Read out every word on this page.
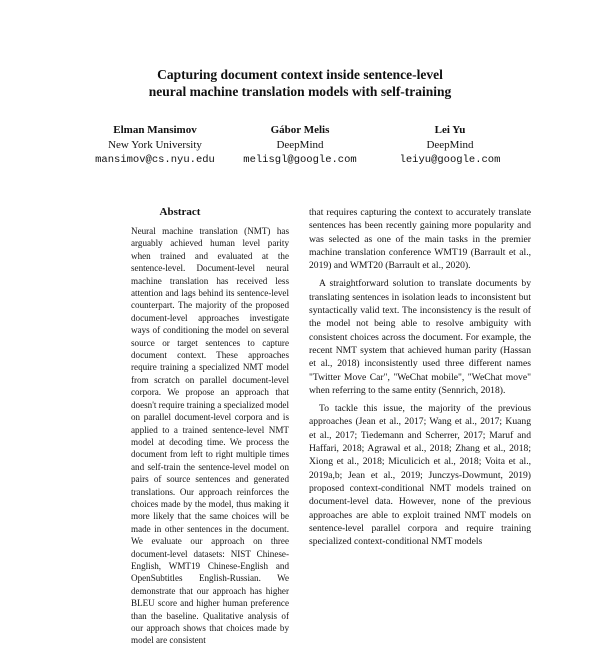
Capturing document context inside sentence-level
neural machine translation models with self-training
Elman Mansimov
New York University
mansimov@cs.nyu.edu
Gábor Melis
DeepMind
melisgl@google.com
Lei Yu
DeepMind
leiyu@google.com
Abstract
Neural machine translation (NMT) has arguably achieved human level parity when trained and evaluated at the sentence-level. Document-level neural machine translation has received less attention and lags behind its sentence-level counterpart. The majority of the proposed document-level approaches investigate ways of conditioning the model on several source or target sentences to capture document context. These approaches require training a specialized NMT model from scratch on parallel document-level corpora. We propose an approach that doesn't require training a specialized model on parallel document-level corpora and is applied to a trained sentence-level NMT model at decoding time. We process the document from left to right multiple times and self-train the sentence-level model on pairs of source sentences and generated translations. Our approach reinforces the choices made by the model, thus making it more likely that the same choices will be made in other sentences in the document. We evaluate our approach on three document-level datasets: NIST Chinese-English, WMT19 Chinese-English and OpenSubtitles English-Russian. We demonstrate that our approach has higher BLEU score and higher human preference than the baseline. Qualitative analysis of our approach shows that choices made by model are consistent

that requires capturing the context to accurately translate sentences has been recently gaining more popularity and was selected as one of the main tasks in the premier machine translation conference WMT19 (Barrault et al., 2019) and WMT20 (Barrault et al., 2020).

A straightforward solution to translate documents by translating sentences in isolation leads to inconsistent but syntactically valid text. The inconsistency is the result of the model not being able to resolve ambiguity with consistent choices across the document. For example, the recent NMT system that achieved human parity (Hassan et al., 2018) inconsistently used three different names "Twitter Move Car", "WeChat mobile", "WeChat move" when referring to the same entity (Sennrich, 2018).

To tackle this issue, the majority of the previous approaches (Jean et al., 2017; Wang et al., 2017; Kuang et al., 2017; Tiedemann and Scherrer, 2017; Maruf and Haffari, 2018; Agrawal et al., 2018; Zhang et al., 2018; Xiong et al., 2018; Miculicich et al., 2018; Voita et al., 2019a,b; Jean et al., 2019; Junczys-Dowmunt, 2019) proposed context-conditional NMT models trained on document-level data. However, none of the previous approaches are able to exploit trained NMT models on sentence-level parallel corpora and require training specialized context-conditional NMT models
